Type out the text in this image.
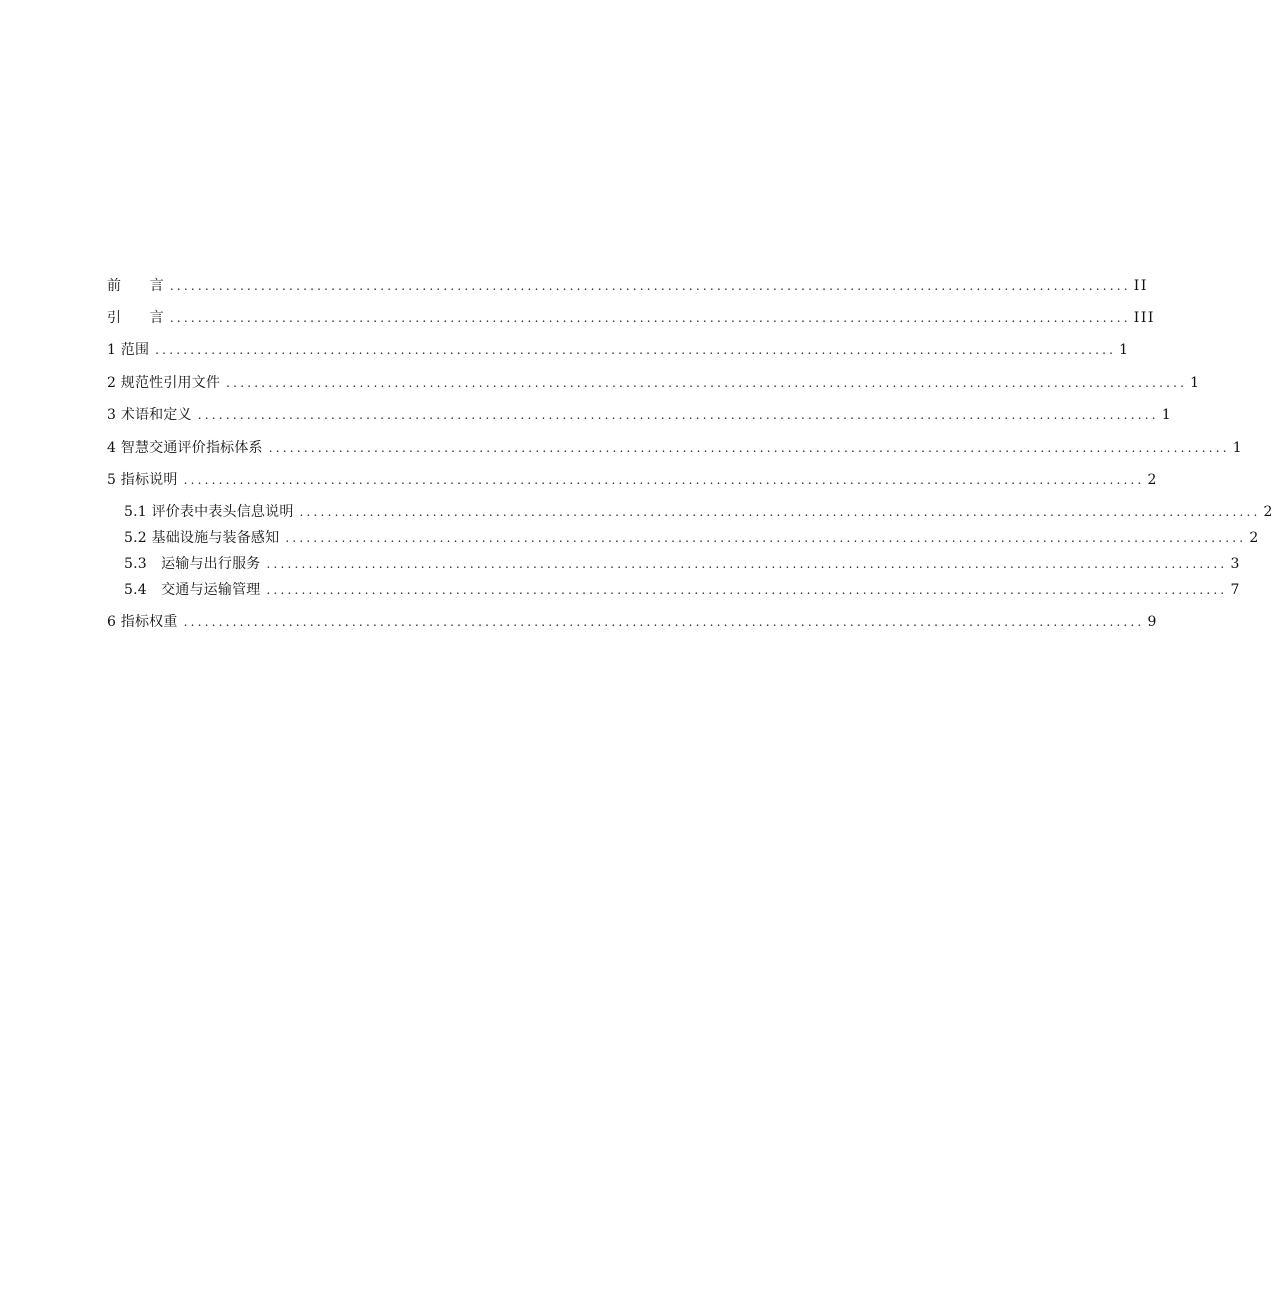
前　　言 ......................................................................................................................................... II
引　　言 ......................................................................................................................................... III
1 范围 ......................................................................................................................................... 1
2 规范性引用文件 ......................................................................................................................................... 1
3 术语和定义 ......................................................................................................................................... 1
4 智慧交通评价指标体系 ......................................................................................................................................... 1
5 指标说明 ......................................................................................................................................... 2
5.1 评价表中表头信息说明 ......................................................................................................................................... 2
5.2 基础设施与装备感知 ......................................................................................................................................... 2
5.3　运输与出行服务 ......................................................................................................................................... 3
5.4　交通与运输管理 ......................................................................................................................................... 7
6 指标权重 ......................................................................................................................................... 9
